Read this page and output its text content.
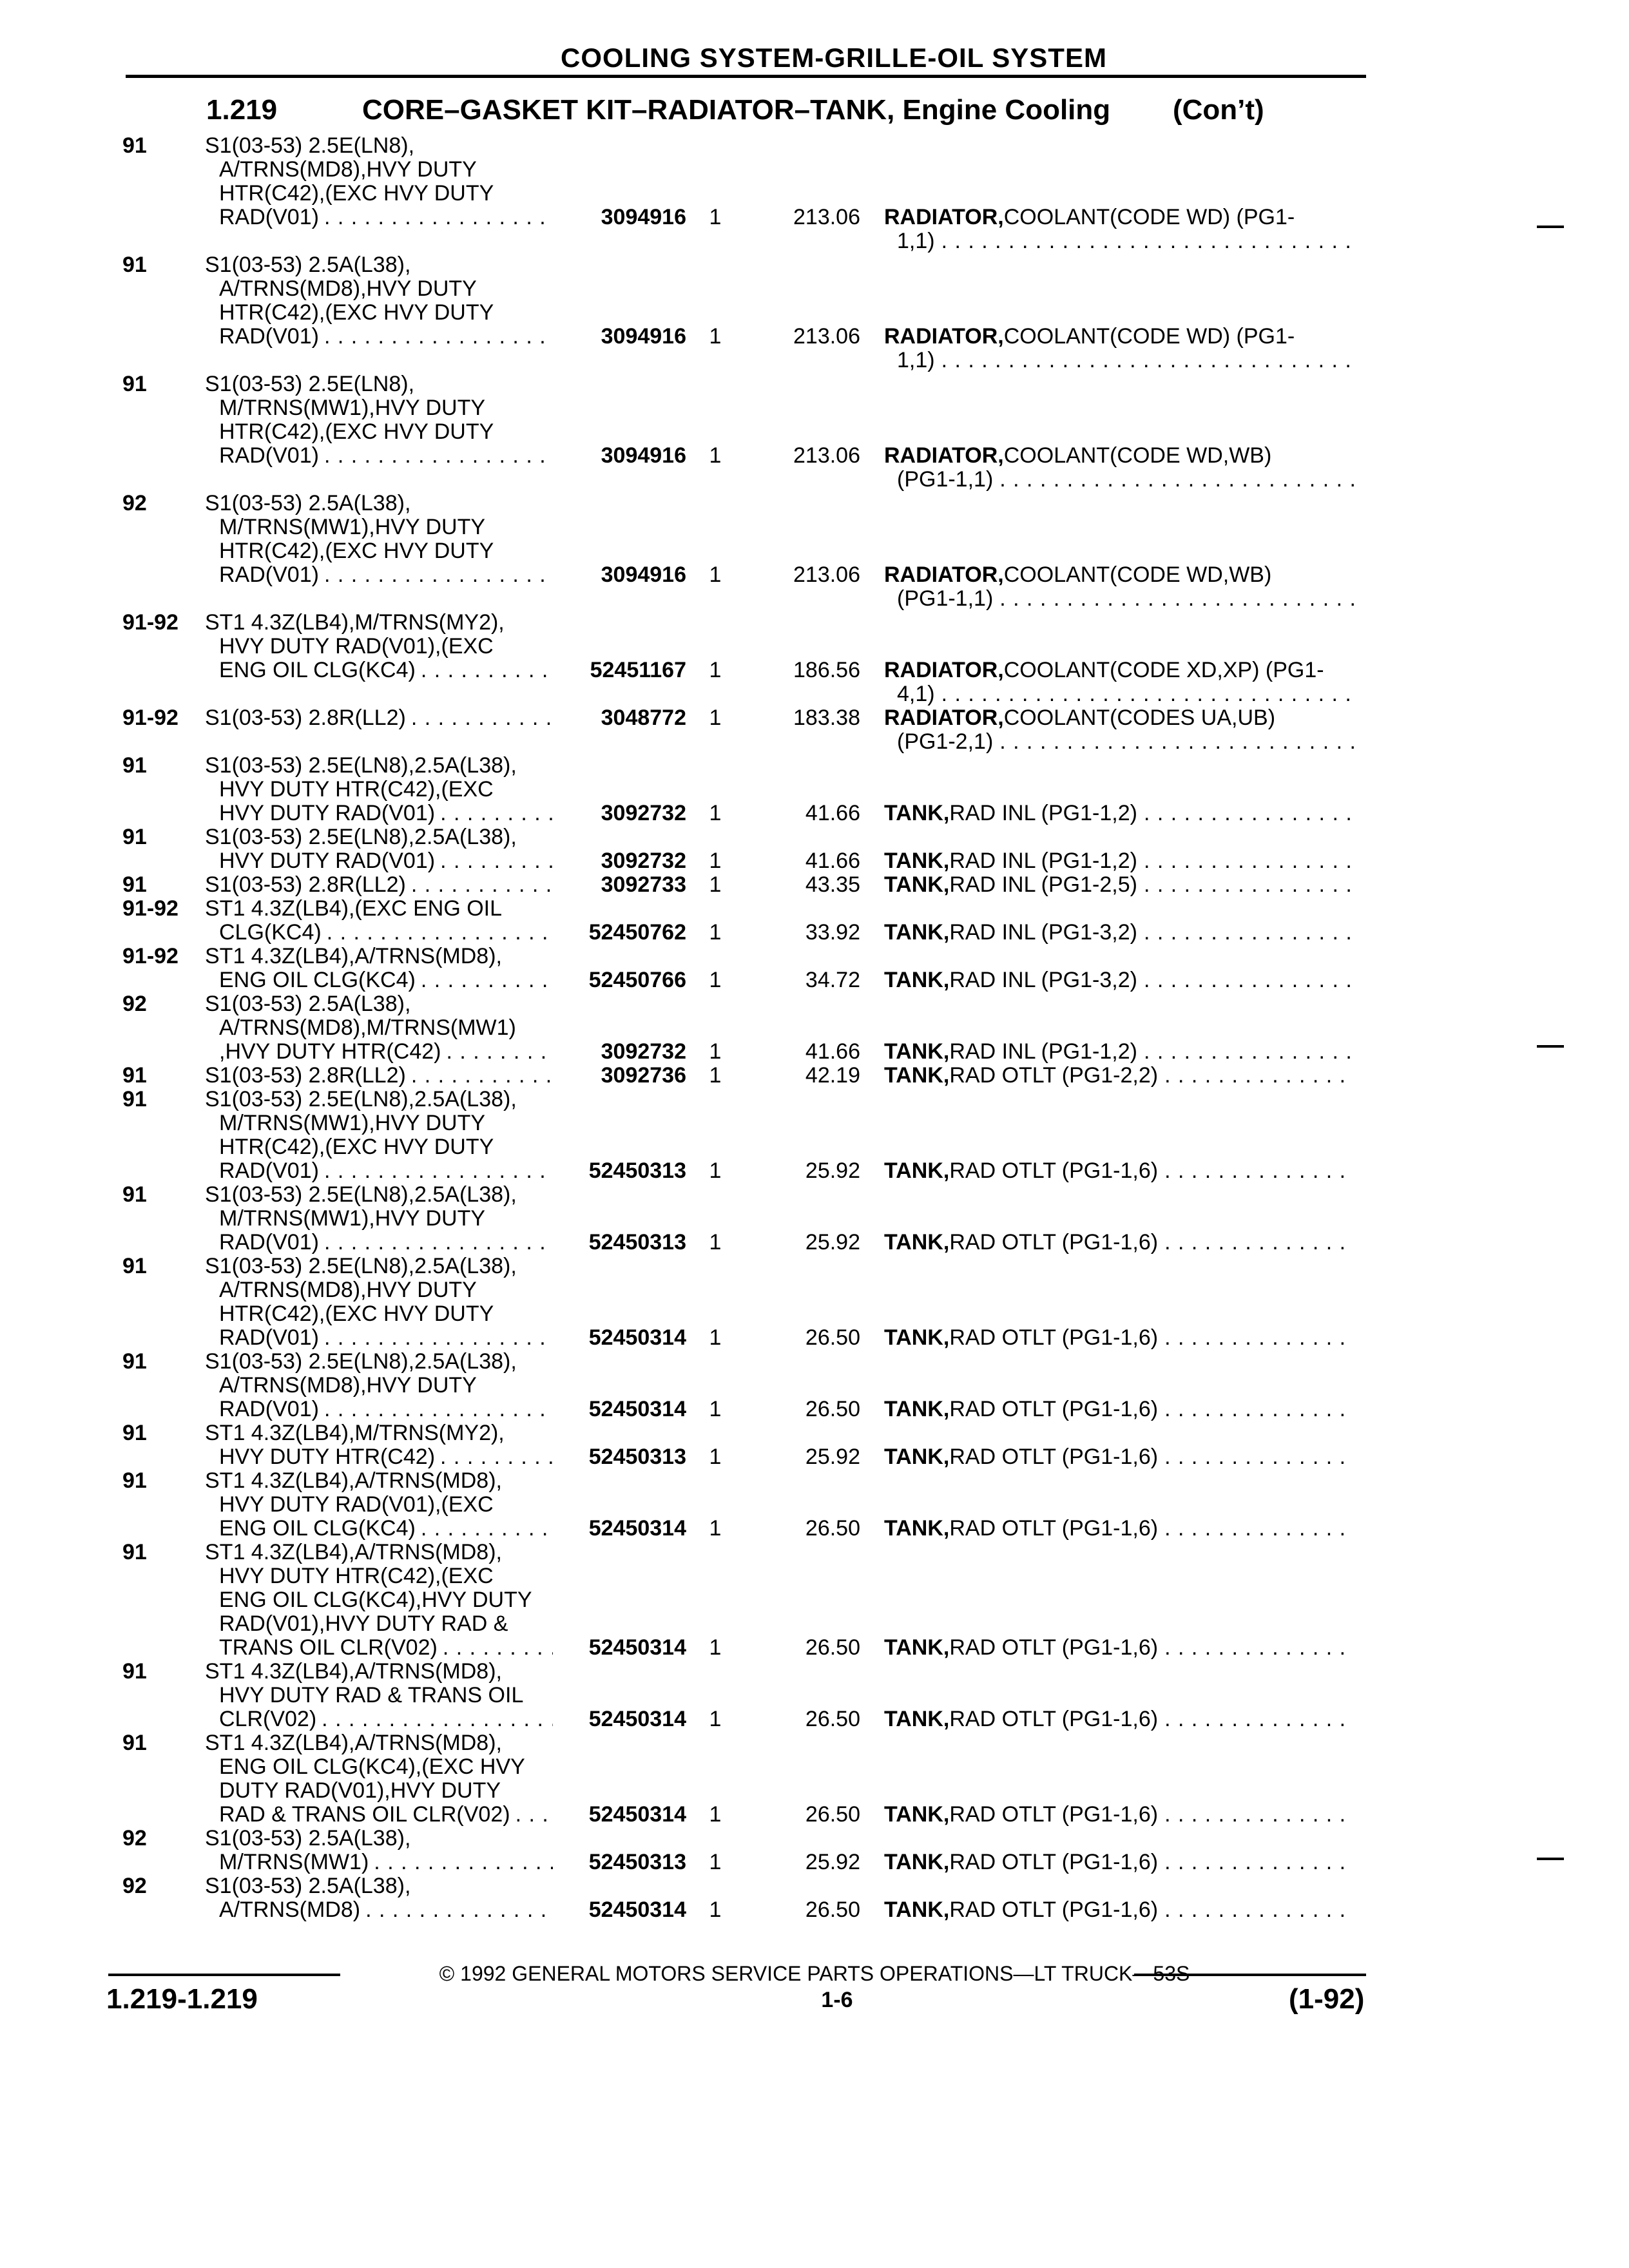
COOLING SYSTEM-GRILLE-OIL SYSTEM
1.219	CORE–GASKET KIT–RADIATOR–TANK, Engine Cooling (Con’t)
91	S1(03-53) 2.5E(LN8),
A/TRNS(MD8),HVY DUTY
HTR(C42),(EXC HVY DUTY
RAD(V01) . . .	3094916 1	213.06 RADIATOR, COOLANT(CODE WD) (PG1-
1,1)
. . .
91	S1(03-53) 2.5A(L38),
A/TRNS(MD8),HVY DUTY
HTR(C42),(EXC HVY DUTY
RAD(V01) . . .	3094916 1	213.06 RADIATOR, COOLANT(CODE WD) (PG1-
1,1)
. . .
91	S1(03-53) 2.5E(LN8),
M/TRNS(MW1),HVY DUTY
HTR(C42),(EXC HVY DUTY
RAD(V01) . . .	3094916 1	213.06 RADIATOR, COOLANT(CODE WD,WB)
(PG1-1,1)
. . .
92	S1(03-53) 2.5A(L38),
M/TRNS(MW1),HVY DUTY
HTR(C42),(EXC HVY DUTY
RAD(V01) . . .	3094916 1	213.06 RADIATOR, COOLANT(CODE WD,WB)
(PG1-1,1)
. . .
91-92	ST1 4.3Z(LB4),M/TRNS(MY2),
HVY DUTY RAD(V01),(EXC
ENG OIL CLG(KC4) . . .	52451167 1	186.56 RADIATOR, COOLANT(CODE XD,XP) (PG1-
4,1)
. . .
91-92	S1(03-53) 2.8R(LL2) . . .	3048772 1	183.38 RADIATOR, COOLANT(CODES UA,UB)
(PG1-2,1)
. . .
91	S1(03-53) 2.5E(LN8),2.5A(L38),
HVY DUTY HTR(C42),(EXC
HVY DUTY RAD(V01) . . .	3092732 1	41.66 TANK, RAD INL (PG1-1,2)
. . .
91	S1(03-53) 2.5E(LN8),2.5A(L38),
HVY DUTY RAD(V01) . . .	3092732 1	41.66 TANK, RAD INL (PG1-1,2)
. . .
91	S1(03-53) 2.8R(LL2) . . .	3092733 1	43.35 TANK, RAD INL (PG1-2,5)
. . .
91-92	ST1 4.3Z(LB4),(EXC ENG OIL
CLG(KC4) . . .	52450762 1	33.92 TANK, RAD INL (PG1-3,2)
. . .
91-92	ST1 4.3Z(LB4),A/TRNS(MD8),
ENG OIL CLG(KC4) . . .	52450766 1	34.72 TANK, RAD INL (PG1-3,2)
. . .
92	S1(03-53) 2.5A(L38),
A/TRNS(MD8),M/TRNS(MW1)
,HVY DUTY HTR(C42) . . .	3092732 1	41.66 TANK, RAD INL (PG1-1,2)
. . .
91	S1(03-53) 2.8R(LL2) . . .	3092736 1	42.19 TANK, RAD OTLT (PG1-2,2)
. . .
91	S1(03-53) 2.5E(LN8),2.5A(L38),
M/TRNS(MW1),HVY DUTY
HTR(C42),(EXC HVY DUTY
RAD(V01) . . .	52450313 1	25.92 TANK, RAD OTLT (PG1-1,6)
. . .
91	S1(03-53) 2.5E(LN8),2.5A(L38),
M/TRNS(MW1),HVY DUTY
RAD(V01) . . .	52450313 1	25.92 TANK, RAD OTLT (PG1-1,6)
. . .
91	S1(03-53) 2.5E(LN8),2.5A(L38),
A/TRNS(MD8),HVY DUTY
HTR(C42),(EXC HVY DUTY
RAD(V01) . . .	52450314 1	26.50 TANK, RAD OTLT (PG1-1,6)
. . .
91	S1(03-53) 2.5E(LN8),2.5A(L38),
A/TRNS(MD8),HVY DUTY
RAD(V01) . . .	52450314 1	26.50 TANK, RAD OTLT (PG1-1,6)
. . .
91	ST1 4.3Z(LB4),M/TRNS(MY2),
HVY DUTY HTR(C42) . . .	52450313 1	25.92 TANK, RAD OTLT (PG1-1,6)
. . .
91	ST1 4.3Z(LB4),A/TRNS(MD8),
HVY DUTY RAD(V01),(EXC
ENG OIL CLG(KC4) . . .	52450314 1	26.50 TANK, RAD OTLT (PG1-1,6)
. . .
91	ST1 4.3Z(LB4),A/TRNS(MD8),
HVY DUTY HTR(C42),(EXC
ENG OIL CLG(KC4),HVY DUTY
RAD(V01),HVY DUTY RAD &
TRANS OIL CLR(V02) . . .	52450314 1	26.50 TANK, RAD OTLT (PG1-1,6)
. . .
91	ST1 4.3Z(LB4),A/TRNS(MD8),
HVY DUTY RAD & TRANS OIL
CLR(V02) . . .	52450314 1	26.50 TANK, RAD OTLT (PG1-1,6)
. . .
91	ST1 4.3Z(LB4),A/TRNS(MD8),
ENG OIL CLG(KC4),(EXC HVY
DUTY RAD(V01),HVY DUTY
RAD & TRANS OIL CLR(V02) . . .	52450314 1	26.50 TANK, RAD OTLT (PG1-1,6)
. . .
92	S1(03-53) 2.5A(L38),
M/TRNS(MW1) . . .	52450313 1	25.92 TANK, RAD OTLT (PG1-1,6)
. . .
92	S1(03-53) 2.5A(L38),
A/TRNS(MD8) . . .	52450314 1	26.50 TANK, RAD OTLT (PG1-1,6)
. . .
© 1992 GENERAL MOTORS SERVICE PARTS OPERATIONS—LT TRUCK—53S
1.219-1.219	1-6	(1-92)
